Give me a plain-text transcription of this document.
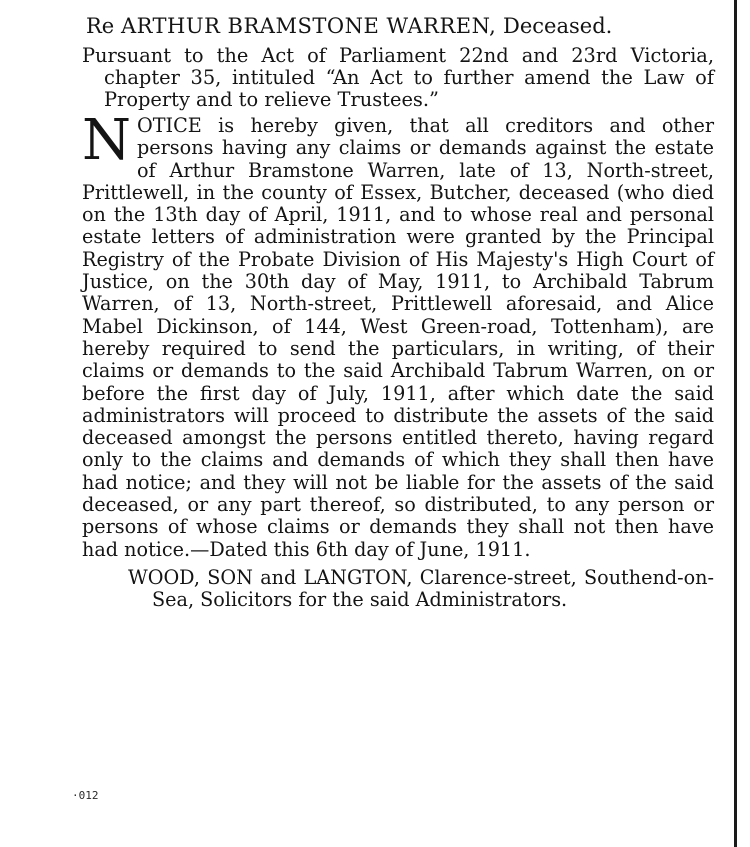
Re ARTHUR BRAMSTONE WARREN, Deceased.

Pursuant to the Act of Parliament 22nd and 23rd Victoria, chapter 35, intituled “An Act to further amend the Law of Property and to relieve Trustees.”

NOTICE is hereby given, that all creditors and other persons having any claims or demands against the estate of Arthur Bramstone Warren, late of 13, North-street, Prittlewell, in the county of Essex, Butcher, deceased (who died on the 13th day of April, 1911, and to whose real and personal estate letters of administration were granted by the Principal Registry of the Probate Division of His Majesty's High Court of Justice, on the 30th day of May, 1911, to Archibald Tabrum Warren, of 13, North-street, Prittlewell aforesaid, and Alice Mabel Dickinson, of 144, West Green-road, Tottenham), are hereby required to send the particulars, in writing, of their claims or demands to the said Archibald Tabrum Warren, on or before the first day of July, 1911, after which date the said administrators will proceed to distribute the assets of the said deceased amongst the persons entitled thereto, having regard only to the claims and demands of which they shall then have had notice; and they will not be liable for the assets of the said deceased, or any part thereof, so distributed, to any person or persons of whose claims or demands they shall not then have had notice.—Dated this 6th day of June, 1911.

WOOD, SON and LANGTON, Clarence-street, Southend-on-Sea, Solicitors for the said Administrators.

·012
